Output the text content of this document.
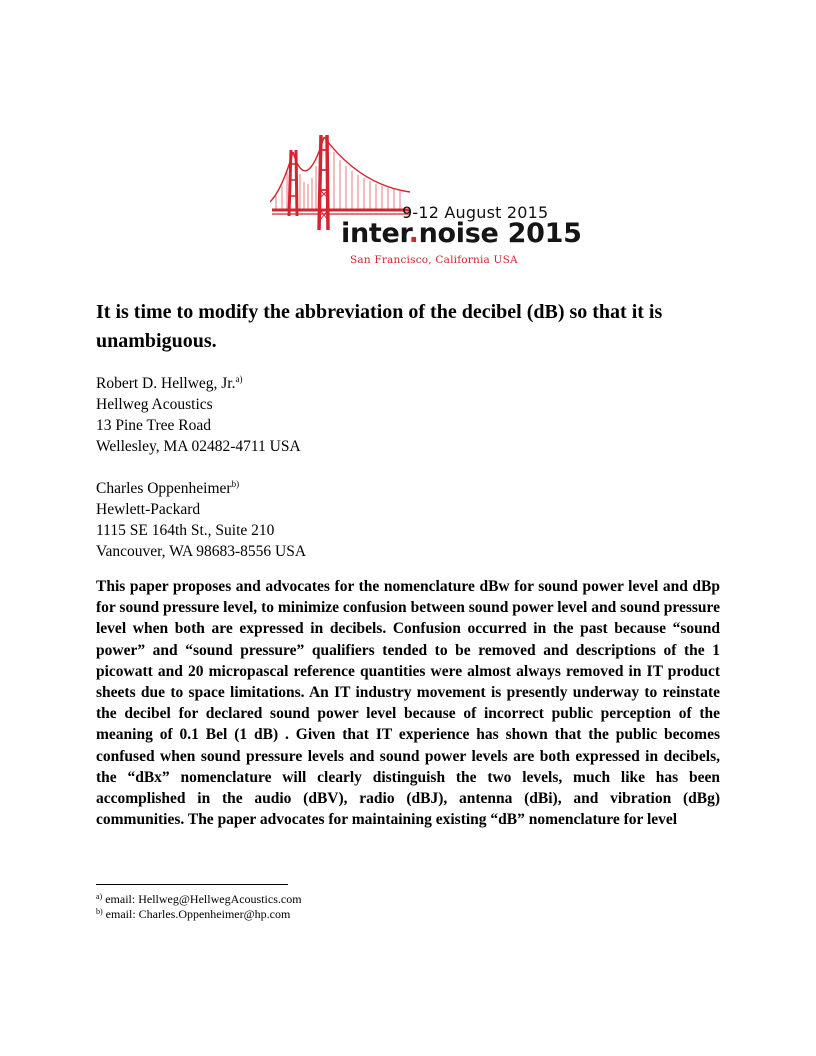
9-12 August 2015
inter.noise 2015
San Francisco, California USA
It is time to modify the abbreviation of the decibel (dB) so that it is unambiguous.
Robert D. Hellweg, Jr.$^{a)}$
Hellweg Acoustics
13 Pine Tree Road
Wellesley, MA 02482-4711 USA
Charles Oppenheimer$^{b)}$
Hewlett-Packard
1115 SE 164th St., Suite 210
Vancouver, WA 98683-8556 USA

This paper proposes and advocates for the nomenclature dBw for sound power level and dBp for sound pressure level, to minimize confusion between sound power level and sound pressure level when both are expressed in decibels. Confusion occurred in the past because “sound power” and “sound pressure” qualifiers tended to be removed and descriptions of the 1 picowatt and 20 micropascal reference quantities were almost always removed in IT product sheets due to space limitations. An IT industry movement is presently underway to reinstate the decibel for declared sound power level because of incorrect public perception of the meaning of 0.1 Bel (1 dB) . Given that IT experience has shown that the public becomes confused when sound pressure levels and sound power levels are both expressed in decibels, the “dBx” nomenclature will clearly distinguish the two levels, much like has been accomplished in the audio (dBV), radio (dBJ), antenna (dBi), and vibration (dBg) communities. The paper advocates for maintaining existing “dB” nomenclature for level

$^{a)}$ email: Hellweg@HellwegAcoustics.com
$^{b)}$ email: Charles.Oppenheimer@hp.com
